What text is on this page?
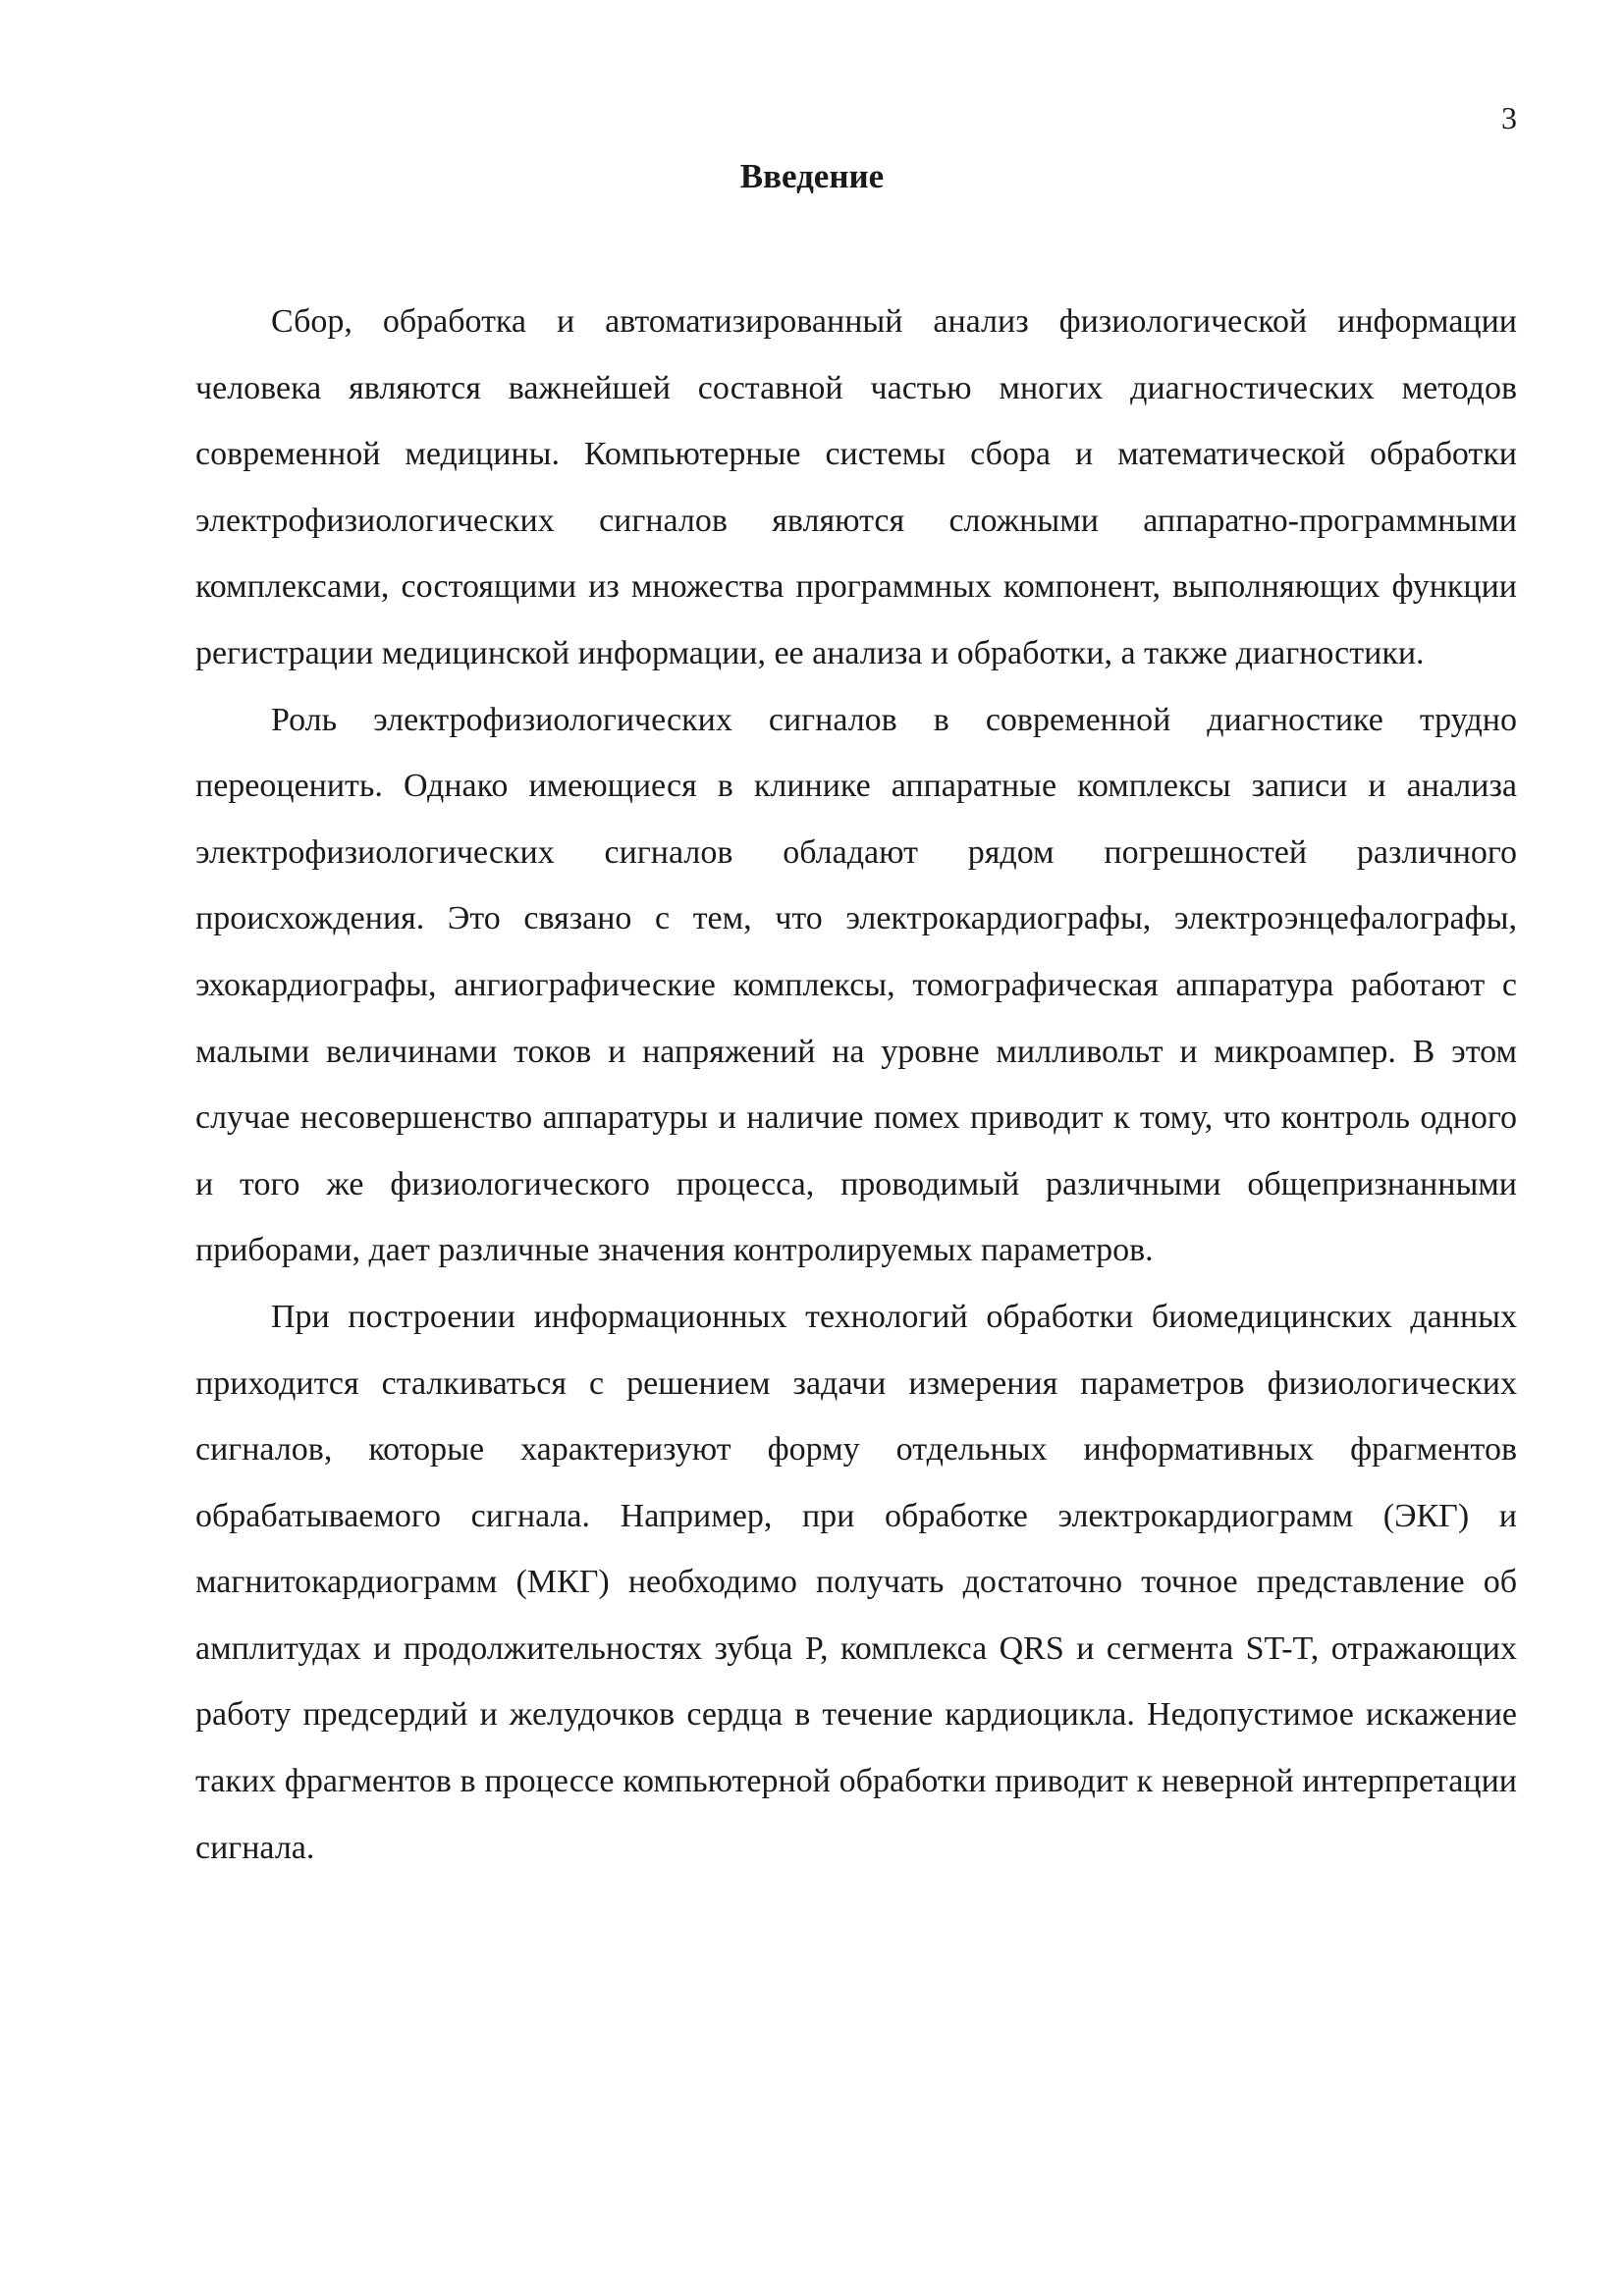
3
Введение

Сбор, обработка и автоматизированный анализ физиологической информации человека являются важнейшей составной частью многих диагностических методов современной медицины. Компьютерные системы сбора и математической обработки электрофизиологических сигналов являются сложными аппаратно-программными комплексами, состоящими из множества программных компонент, выполняющих функции регистрации медицинской информации, ее анализа и обработки, а также диагностики.

Роль электрофизиологических сигналов в современной диагностике трудно переоценить. Однако имеющиеся в клинике аппаратные комплексы записи и анализа электрофизиологических сигналов обладают рядом погрешностей различного происхождения. Это связано с тем, что электрокардиографы, электроэнцефалографы, эхокардиографы, ангиографические комплексы, томографическая аппаратура работают с малыми величинами токов и напряжений на уровне милливольт и микроампер. В этом случае несовершенство аппаратуры и наличие помех приводит к тому, что контроль одного и того же физиологического процесса, проводимый различными общепризнанными приборами, дает различные значения контролируемых параметров.

При построении информационных технологий обработки биомедицинских данных приходится сталкиваться с решением задачи измерения параметров физиологических сигналов, которые характеризуют форму отдельных информативных фрагментов обрабатываемого сигнала. Например, при обработке электрокардиограмм (ЭКГ) и магнитокардиограмм (МКГ) необходимо получать достаточно точное представление об амплитудах и продолжительностях зубца P, комплекса QRS и сегмента ST-T, отражающих работу предсердий и желудочков сердца в течение кардиоцикла. Недопустимое искажение таких фрагментов в процессе компьютерной обработки приводит к неверной интерпретации сигнала.
